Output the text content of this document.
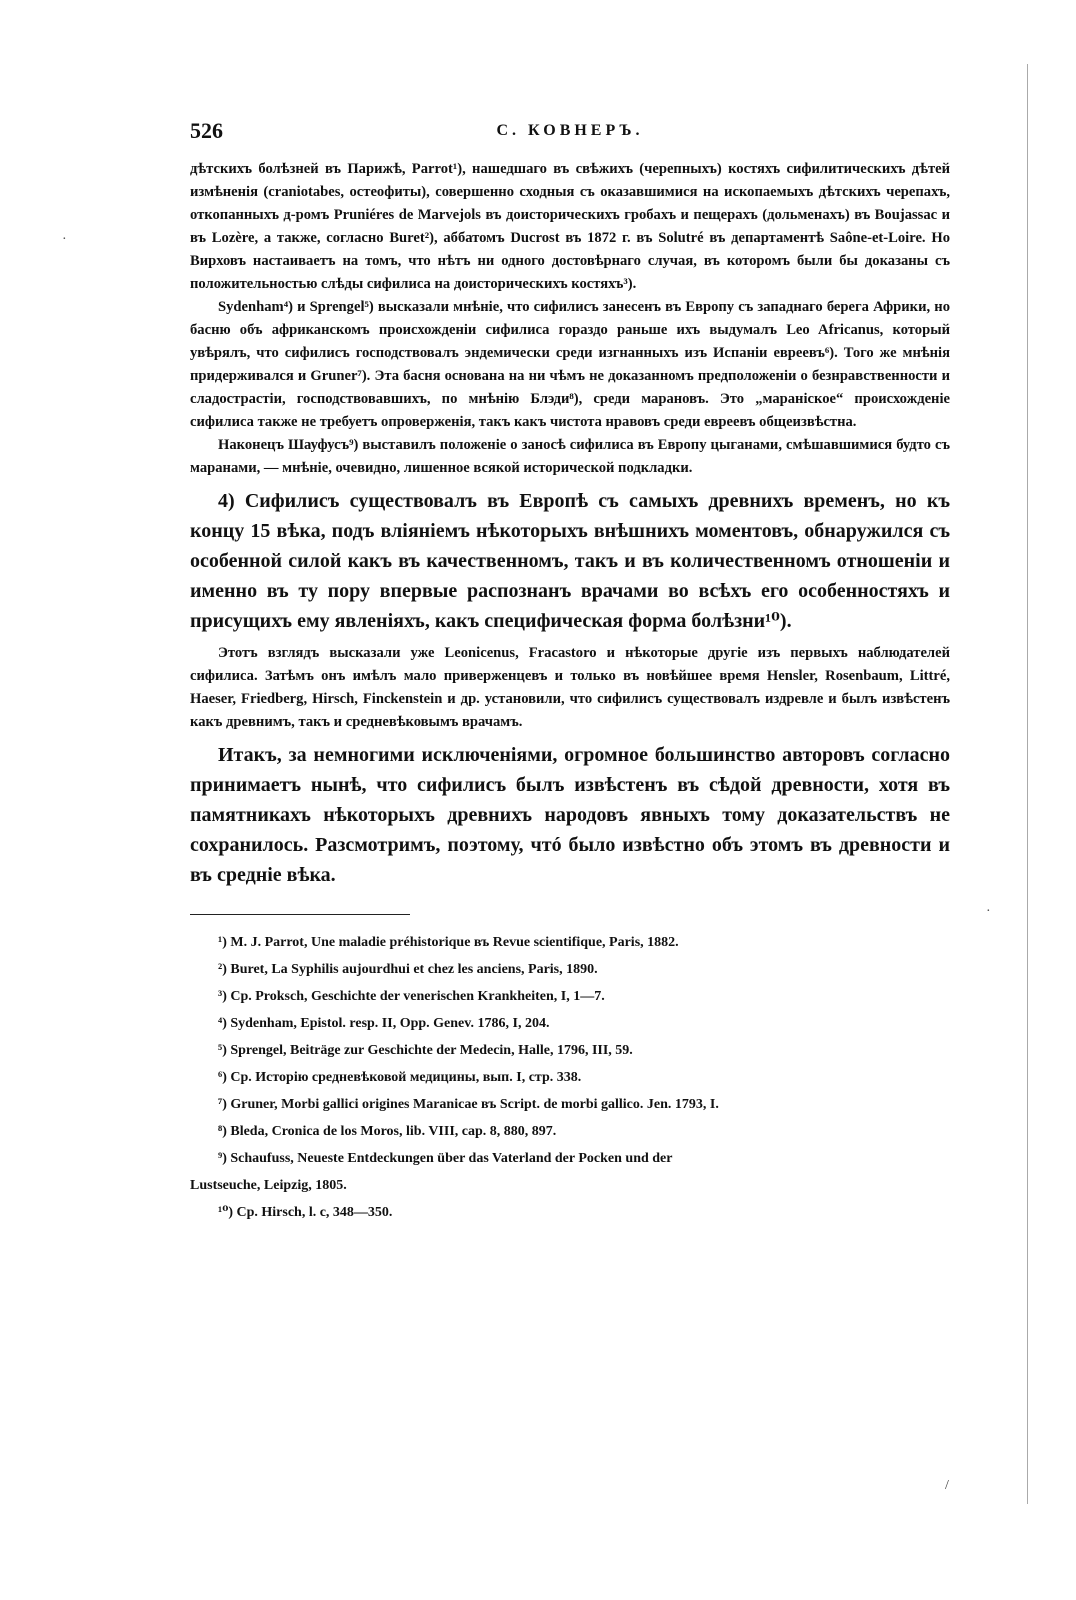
·
·
/
526	С. КОВНЕРЪ.

дѣтскихъ болѣзней въ Парижѣ, Parrot¹), нашедшаго въ свѣжихъ (черепныхъ) костяхъ сифилитическихъ дѣтей измѣненія (craniotabes, остеофиты), совершенно сходныя съ оказавшимися на ископаемыхъ дѣтскихъ черепахъ, откопанныхъ д-ромъ Pruniéres de Marvejols въ доисторическихъ гробахъ и пещерахъ (дольменахъ) въ Boujassac и въ Lozère, а также, согласно Buret²), аббатомъ Ducrost въ 1872 г. въ Solutré въ департаментѣ Saône-et-Loire. Но Вирховъ настаиваетъ на томъ, что нѣтъ ни одного достовѣрнаго случая, въ которомъ были бы доказаны съ положительностью слѣды сифилиса на доисторическихъ костяхъ³).

Sydenham⁴) и Sprengel⁵) высказали мнѣніе, что сифилисъ занесенъ въ Европу съ западнаго берега Африки, но басню объ африканскомъ происхожденіи сифилиса гораздо раньше ихъ выдумалъ Leo Africanus, который увѣрялъ, что сифилисъ господствовалъ эндемически среди изгнанныхъ изъ Испаніи евреевъ⁶). Того же мнѣнія придерживался и Gruner⁷). Эта басня основана на ни чѣмъ не доказанномъ предположеніи о безнравственности и сладострастіи, господствовавшихъ, по мнѣнію Блэди⁸), среди марановъ. Это „мараніское“ происхожденіе сифилиса также не требуетъ опроверженія, такъ какъ чистота нравовъ среди евреевъ общеизвѣстна.

Наконецъ Шауфусъ⁹) выставилъ положеніе о заносѣ сифилиса въ Европу цыганами, смѣшавшимися будто съ маранами, — мнѣніе, очевидно, лишенное всякой исторической подкладки.

4) Сифилисъ существовалъ въ Европѣ съ самыхъ древнихъ временъ, но къ концу 15 вѣка, подъ вліяніемъ нѣкоторыхъ внѣшнихъ моментовъ, обнаружился съ особенной силой какъ въ качественномъ, такъ и въ количественномъ отношеніи и именно въ ту пору впервые распознанъ врачами во всѣхъ его особенностяхъ и присущихъ ему явленіяхъ, какъ специфическая форма болѣзни¹⁰).

Этотъ взглядъ высказали уже Leonicenus, Fracastoro и нѣкоторые другіе изъ первыхъ наблюдателей сифилиса. Затѣмъ онъ имѣлъ мало приверженцевъ и только въ новѣйшее время Hensler, Rosenbaum, Littré, Haeser, Friedberg, Hirsch, Finckenstein и др. установили, что сифилисъ существовалъ издревле и былъ извѣстенъ какъ древнимъ, такъ и средневѣковымъ врачамъ.

Итакъ, за немногими исключеніями, огромное большинство авторовъ согласно принимаетъ нынѣ, что сифилисъ былъ извѣстенъ въ сѣдой древности, хотя въ памятникахъ нѣкоторыхъ древнихъ народовъ явныхъ тому доказательствъ не сохранилось. Разсмотримъ, поэтому, чтó было извѣстно объ этомъ въ древности и въ средніе вѣка.

¹) M. J. Parrot, Une maladie préhistorique въ Revue scientifique, Paris, 1882.

²) Buret, La Syphilis aujourdhui et chez les anciens, Paris, 1890.

³) Cp. Proksch, Geschichte der venerischen Krankheiten, I, 1—7.

⁴) Sydenham, Epistol. resp. II, Opp. Genev. 1786, I, 204.

⁵) Sprengel, Beiträge zur Geschichte der Medecin, Halle, 1796, III, 59.

⁶) Cp. Исторію средневѣковой медицины, вып. I, стр. 338.

⁷) Gruner, Morbi gallici origines Maranicae въ Script. de morbi gallico. Jen. 1793, I.

⁸) Bleda, Cronica de los Moros, lib. VIII, cap. 8, 880, 897.

⁹) Schaufuss, Neueste Entdeckungen über das Vaterland der Pocken und der

Lustseuche, Leipzig, 1805.

¹⁰) Cp. Hirsch, l. c, 348—350.
